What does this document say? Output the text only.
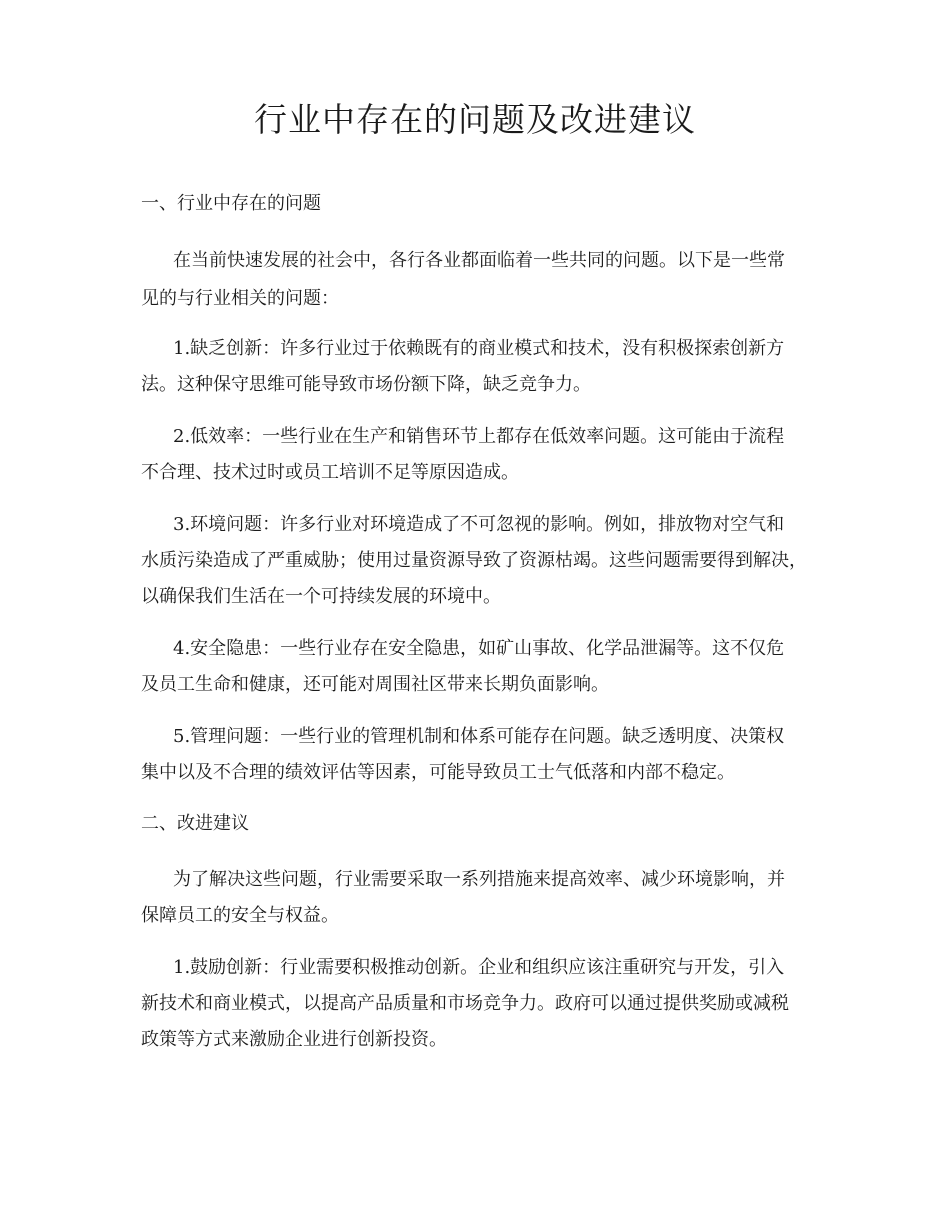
行业中存在的问题及改进建议

一、行业中存在的问题

在当前快速发展的社会中，各行各业都面临着一些共同的问题。以下是一些常

见的与行业相关的问题：

1.缺乏创新：许多行业过于依赖既有的商业模式和技术，没有积极探索创新方

法。这种保守思维可能导致市场份额下降，缺乏竞争力。

2.低效率：一些行业在生产和销售环节上都存在低效率问题。这可能由于流程

不合理、技术过时或员工培训不足等原因造成。

3.环境问题：许多行业对环境造成了不可忽视的影响。例如，排放物对空气和

水质污染造成了严重威胁；使用过量资源导致了资源枯竭。这些问题需要得到解决，

以确保我们生活在一个可持续发展的环境中。

4.安全隐患：一些行业存在安全隐患，如矿山事故、化学品泄漏等。这不仅危

及员工生命和健康，还可能对周围社区带来长期负面影响。

5.管理问题：一些行业的管理机制和体系可能存在问题。缺乏透明度、决策权

集中以及不合理的绩效评估等因素，可能导致员工士气低落和内部不稳定。

二、改进建议

为了解决这些问题，行业需要采取一系列措施来提高效率、减少环境影响，并

保障员工的安全与权益。

1.鼓励创新：行业需要积极推动创新。企业和组织应该注重研究与开发，引入

新技术和商业模式，以提高产品质量和市场竞争力。政府可以通过提供奖励或减税

政策等方式来激励企业进行创新投资。
